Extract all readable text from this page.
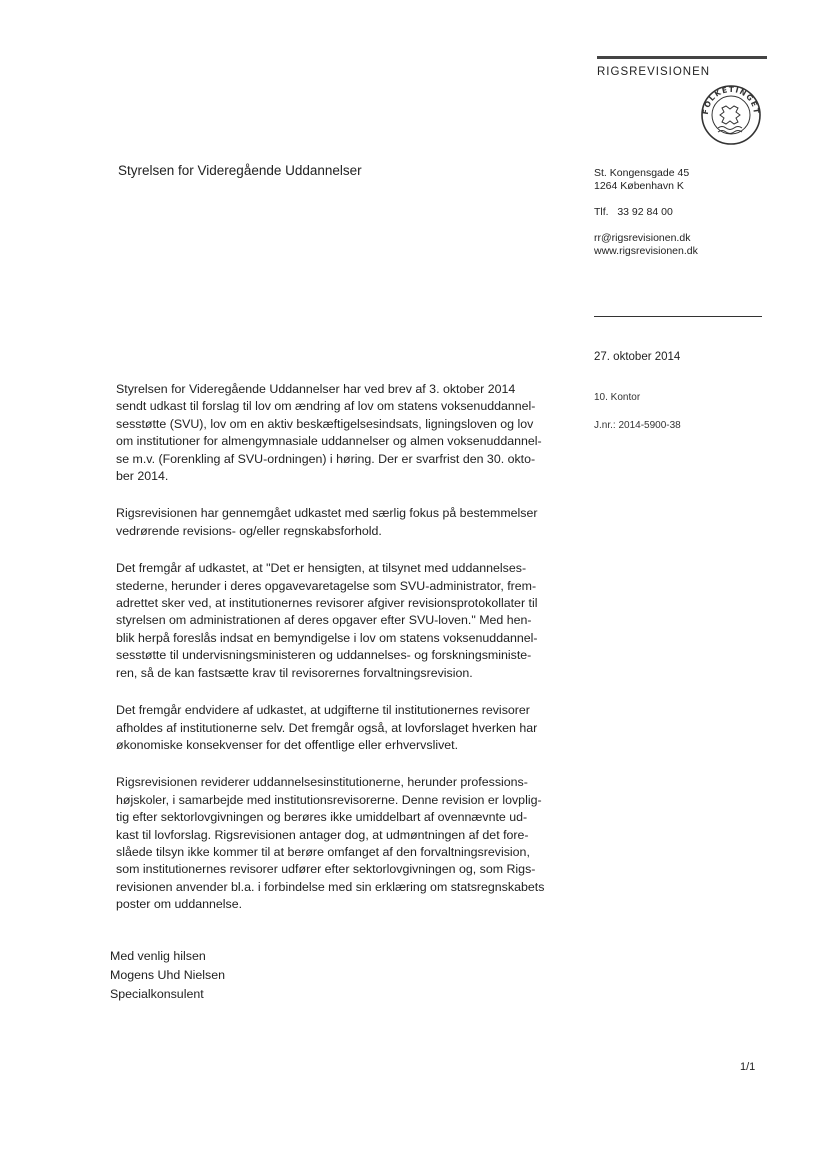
RIGSREVISIONEN
FOLKETINGET
Styrelsen for Videregående Uddannelser	St. Kongensgade 45
1264 København K
Tlf.   33 92 84 00
rr@rigsrevisionen.dk
www.rigsrevisionen.dk
27. oktober 2014
10. Kontor
J.nr.: 2014-5900-38

Styrelsen for Videregående Uddannelser har ved brev af 3. oktober 2014
sendt udkast til forslag til lov om ændring af lov om statens voksenuddannel-
sesstøtte (SVU), lov om en aktiv beskæftigelsesindsats, ligningsloven og lov
om institutioner for almengymnasiale uddannelser og almen voksenuddannel-
se m.v. (Forenkling af SVU-ordningen) i høring. Der er svarfrist den 30. okto-
ber 2014.

Rigsrevisionen har gennemgået udkastet med særlig fokus på bestemmelser
vedrørende revisions- og/eller regnskabsforhold.

Det fremgår af udkastet, at "Det er hensigten, at tilsynet med uddannelses-
stederne, herunder i deres opgavevaretagelse som SVU-administrator, frem-
adrettet sker ved, at institutionernes revisorer afgiver revisionsprotokollater til
styrelsen om administrationen af deres opgaver efter SVU-loven." Med hen-
blik herpå foreslås indsat en bemyndigelse i lov om statens voksenuddannel-
sesstøtte til undervisningsministeren og uddannelses- og forskningsministe-
ren, så de kan fastsætte krav til revisorernes forvaltningsrevision.

Det fremgår endvidere af udkastet, at udgifterne til institutionernes revisorer
afholdes af institutionerne selv. Det fremgår også, at lovforslaget hverken har
økonomiske konsekvenser for det offentlige eller erhvervslivet.

Rigsrevisionen reviderer uddannelsesinstitutionerne, herunder professions-
højskoler, i samarbejde med institutionsrevisorerne. Denne revision er lovplig-
tig efter sektorlovgivningen og berøres ikke umiddelbart af ovennævnte ud-
kast til lovforslag. Rigsrevisionen antager dog, at udmøntningen af det fore-
slåede tilsyn ikke kommer til at berøre omfanget af den forvaltningsrevision,
som institutionernes revisorer udfører efter sektorlovgivningen og, som Rigs-
revisionen anvender bl.a. i forbindelse med sin erklæring om statsregnskabets
poster om uddannelse.

Med venlig hilsen
Mogens Uhd Nielsen
Specialkonsulent
1/1
